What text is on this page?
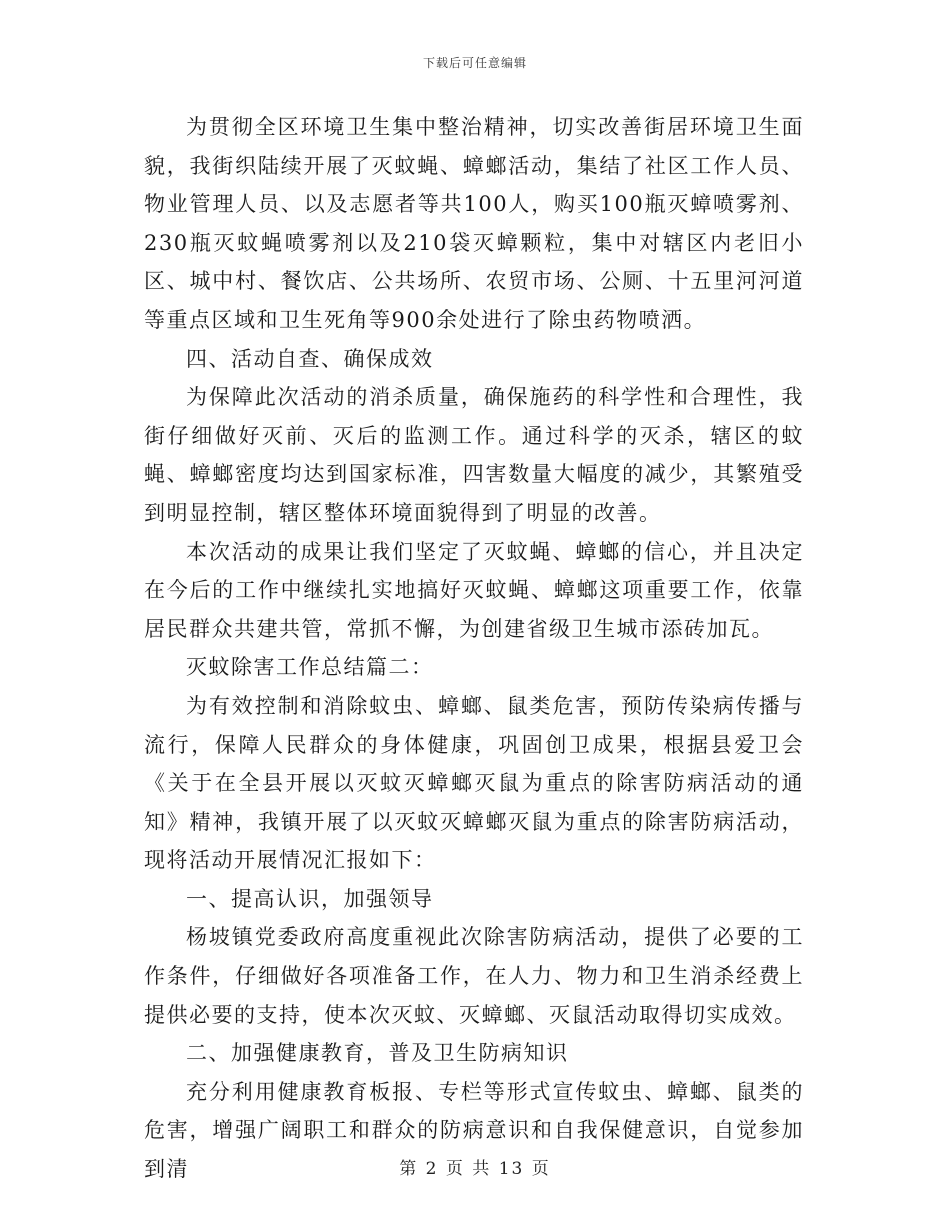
下载后可任意编辑

为贯彻全区环境卫生集中整治精神，切实改善街居环境卫生面貌，我街织陆续开展了灭蚊蝇、蟑螂活动，集结了社区工作人员、物业管理人员、以及志愿者等共100人，购买100瓶灭蟑喷雾剂、230瓶灭蚊蝇喷雾剂以及210袋灭蟑颗粒，集中对辖区内老旧小区、城中村、餐饮店、公共场所、农贸市场、公厕、十五里河河道等重点区域和卫生死角等900余处进行了除虫药物喷洒。

四、活动自查、确保成效

为保障此次活动的消杀质量，确保施药的科学性和合理性，我街仔细做好灭前、灭后的监测工作。通过科学的灭杀，辖区的蚊蝇、蟑螂密度均达到国家标准，四害数量大幅度的减少，其繁殖受到明显控制，辖区整体环境面貌得到了明显的改善。

本次活动的成果让我们坚定了灭蚊蝇、蟑螂的信心，并且决定在今后的工作中继续扎实地搞好灭蚊蝇、蟑螂这项重要工作，依靠居民群众共建共管，常抓不懈，为创建省级卫生城市添砖加瓦。

灭蚊除害工作总结篇二：

为有效控制和消除蚊虫、蟑螂、鼠类危害，预防传染病传播与流行，保障人民群众的身体健康，巩固创卫成果，根据县爱卫会《关于在全县开展以灭蚊灭蟑螂灭鼠为重点的除害防病活动的通知》精神，我镇开展了以灭蚊灭蟑螂灭鼠为重点的除害防病活动，现将活动开展情况汇报如下：

一、提高认识，加强领导

杨坡镇党委政府高度重视此次除害防病活动，提供了必要的工作条件，仔细做好各项准备工作，在人力、物力和卫生消杀经费上提供必要的支持，使本次灭蚊、灭蟑螂、灭鼠活动取得切实成效。

二、加强健康教育，普及卫生防病知识

充分利用健康教育板报、专栏等形式宣传蚊虫、蟑螂、鼠类的危害，增强广阔职工和群众的防病意识和自我保健意识，自觉参加到清	第 2 页 共 13 页
